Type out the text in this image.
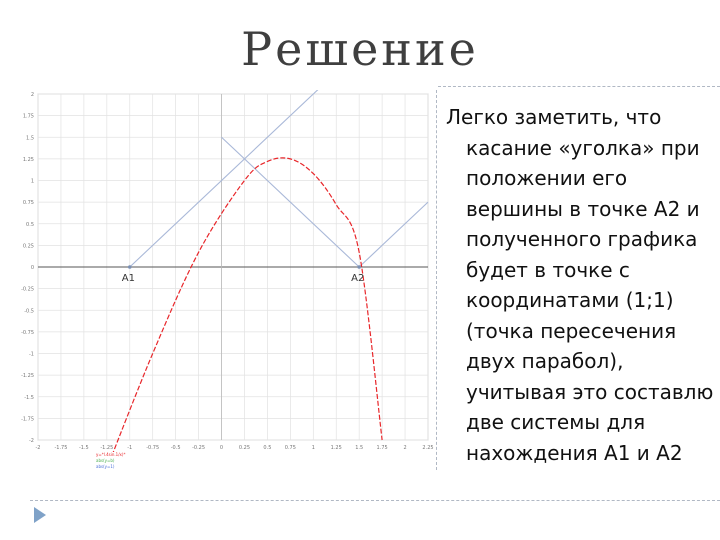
Решение
Легко заметить, что
касание «уголка» при
положении его
вершины в точке А2 и
полученного графика
будет в точке с
координатами (1;1)
(точка пересечения
двух парабол),
учитывая это составлю
две системы для
нахождения А1 и А2
-2	-1.75 -1.5 -1.25	-1	-0.75 -0.5 -0.25	0	0.25	0.5	0.75	1	1.25	1.5	1.75	2	2.25
2
1.75
1.5
1.25
1
0.75
0.5
0.25
0
-0.25
-0.5
-0.75
-1
-1.25
-1.5
-1.75
-2
A1	A2
y=*l.4sin.1/x)*
abs(y=b)
abs(y=1)
